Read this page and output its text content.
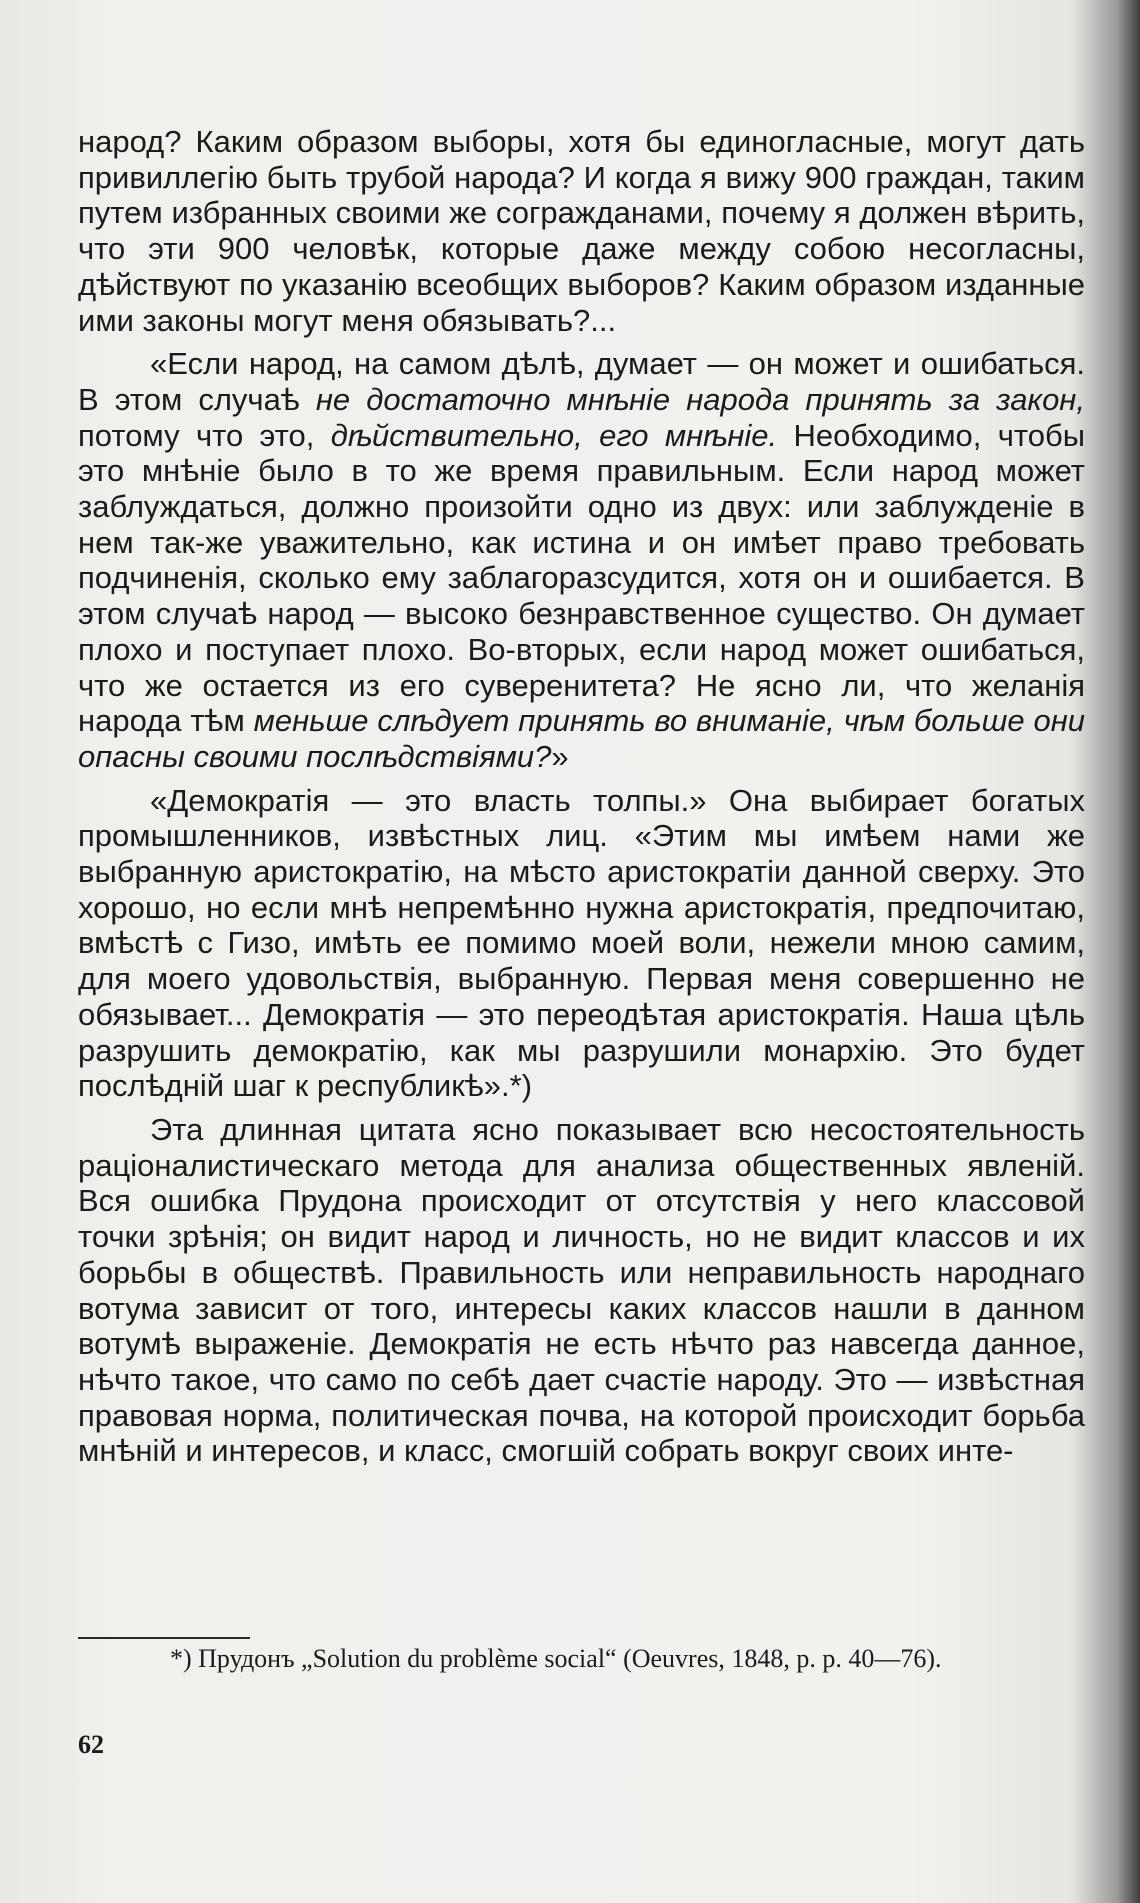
народ? Каким образом выборы, хотя бы единогласные, могут дать привиллегію быть трубой народа? И когда я вижу 900 граждан, таким путем избранных своими же согражданами, почему я должен вѣрить, что эти 900 человѣк, которые даже между собою несогласны, дѣйствуют по указанію всеобщих выборов? Каким образом изданные ими законы могут меня обязывать?...

«Если народ, на самом дѣлѣ, думает — он может и ошибаться. В этом случаѣ не достаточно мнѣніе народа принять за закон, потому что это, дѣйствительно, его мнѣніе. Необходимо, чтобы это мнѣніе было в то же время правильным. Если народ может заблуждаться, должно произойти одно из двух: или заблужденіе в нем так-же уважительно, как истина и он имѣет право требовать подчиненія, сколько ему заблагоразсудится, хотя он и ошибается. В этом случаѣ народ — высоко безнравственное существо. Он думает плохо и поступает плохо. Во-вторых, если народ может ошибаться, что же остается из его суверенитета? Не ясно ли, что желанія народа тѣм меньше слѣдует принять во вниманіе, чѣм больше они опасны своими послѣдствіями?»

«Демократія — это власть толпы.» Она выбирает богатых промышленников, извѣстных лиц. «Этим мы имѣем нами же выбранную аристократію, на мѣсто аристократіи данной сверху. Это хорошо, но если мнѣ непремѣнно нужна аристократія, предпочитаю, вмѣстѣ с Гизо, имѣть ее помимо моей воли, нежели мною самим, для моего удовольствія, выбранную. Первая меня совершенно не обязывает... Демократія — это переодѣтая аристократія. Наша цѣль разрушить демократію, как мы разрушили монархію. Это будет послѣдній шаг к республикѣ».*)

Эта длинная цитата ясно показывает всю несостоятельность раціоналистическаго метода для анализа общественных явленій. Вся ошибка Прудона происходит от отсутствія у него классовой точки зрѣнія; он видит народ и личность, но не видит классов и их борьбы в обществѣ. Правильность или неправильность народнаго вотума зависит от того, интересы каких классов нашли в данном вотумѣ выраженіе. Демократія не есть нѣчто раз навсегда данное, нѣчто такое, что само по себѣ дает счастіе народу. Это — извѣстная правовая норма, политическая почва, на которой происходит борьба мнѣній и интересов, и класс, смогшій собрать вокруг своих инте-

*) Прудонъ „Solution du problème social“ (Oeuvres, 1848, p. p. 40—76).

62
